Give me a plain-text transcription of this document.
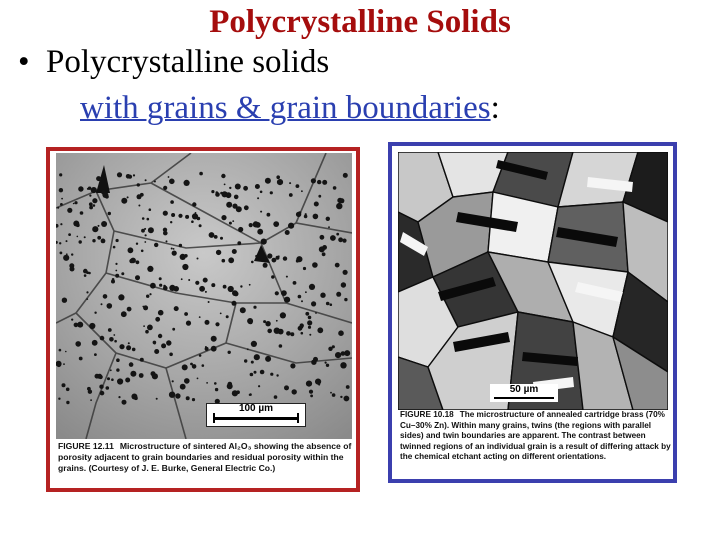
Polycrystalline Solids
• Polycrystalline solids
with grains & grain boundaries:
100 µm
FIGURE 12.11 Microstructure of sintered Al₂O₃ showing the absence of porosity adjacent to grain boundaries and residual porosity within the grains. (Courtesy of J. E. Burke, General Electric Co.)
50 µm
FIGURE 10.18 The microstructure of annealed cartridge brass (70% Cu–30% Zn). Within many grains, twins (the regions with parallel sides) and twin boundaries are apparent. The contrast between twinned regions of an individual grain is a result of differing attack by the chemical etchant acting on different orientations.
